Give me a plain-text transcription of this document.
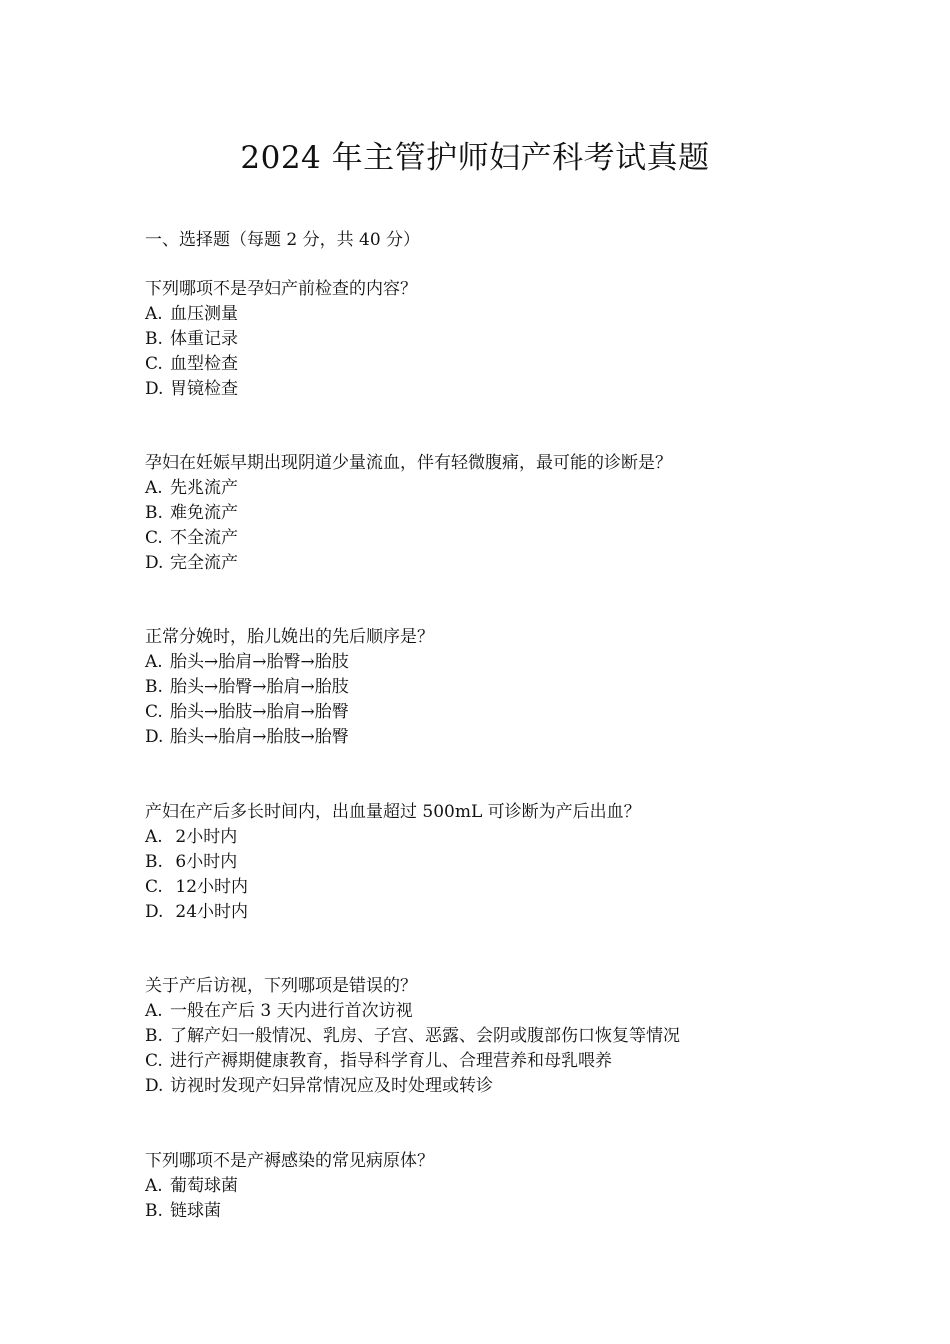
2024 年主管护师妇产科考试真题
一、选择题（每题 2 分，共 40 分）
下列哪项不是孕妇产前检查的内容？
A. 血压测量
B. 体重记录
C. 血型检查
D. 胃镜检查
孕妇在妊娠早期出现阴道少量流血，伴有轻微腹痛，最可能的诊断是？
A. 先兆流产
B. 难免流产
C. 不全流产
D. 完全流产
正常分娩时，胎儿娩出的先后顺序是？
A. 胎头→胎肩→胎臀→胎肢
B. 胎头→胎臀→胎肩→胎肢
C. 胎头→胎肢→胎肩→胎臀
D. 胎头→胎肩→胎肢→胎臀
产妇在产后多长时间内，出血量超过 500mL 可诊断为产后出血？
A. 2小时内
B. 6小时内
C. 12小时内
D. 24小时内
关于产后访视，下列哪项是错误的？
A. 一般在产后 3 天内进行首次访视
B. 了解产妇一般情况、乳房、子宫、恶露、会阴或腹部伤口恢复等情况
C. 进行产褥期健康教育，指导科学育儿、合理营养和母乳喂养
D. 访视时发现产妇异常情况应及时处理或转诊
下列哪项不是产褥感染的常见病原体？
A. 葡萄球菌
B. 链球菌
